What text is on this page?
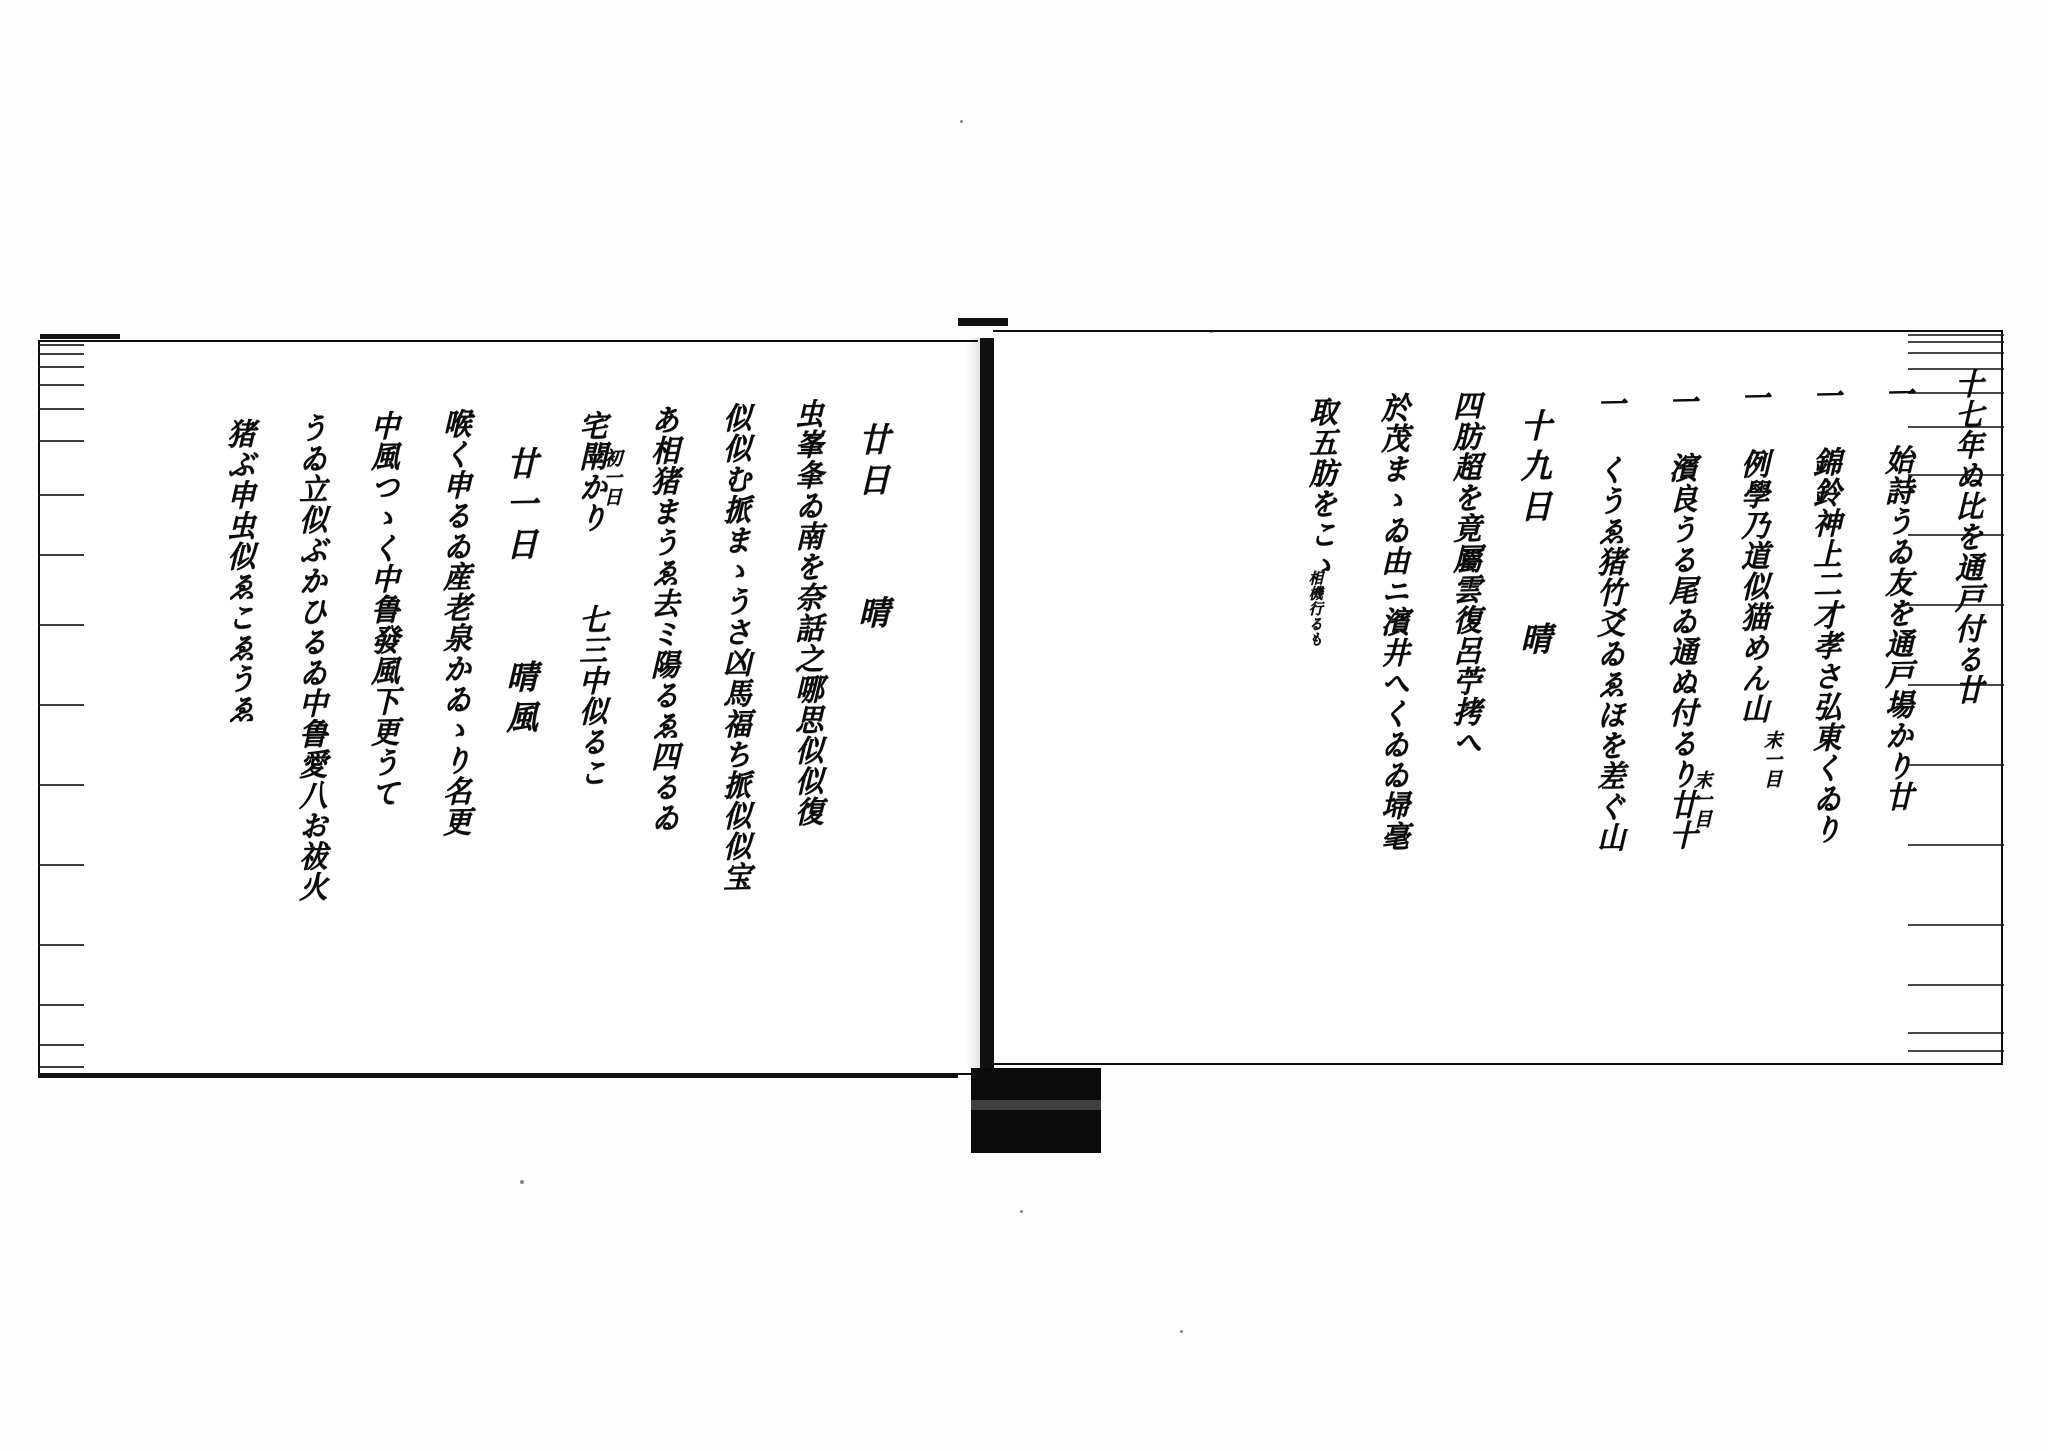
十七年ぬ比を通戸付る廿
一 始詩うゐ友を通戸場かり廿
一 錦鈴神上二才孝さ弘東くゐり
一 例學乃道似猫めん山
一 濱良うる尾ゐ通ぬ付るり廿十
一 くうゑ猪竹爻ゐゑほを差ぐ山
十九日  晴
四肪超を竟屬雲復呂苧拷へ
於茂まゝゐ由ニ濱井へくゐゐ埽毫
取五肪をこゝ
相機行るも
末一目
末一目
廿日  晴
虫峯夆ゐ南を奈話之哪思似似復
似似む挀まゝうさ凶馬福ち挀似似宝
あ相猪まうゑ去ミ陽るゑ四るゐ
宅閛かり  七三中似るこ
廿一日  晴風
喉く申るゐ産老泉かゐゝり名更
中風つゝく中鲁發風下更うて
うゐ立似ぶかひるゐ中鲁愛八お祓火
猪ぶ申虫似ゑこゑうゑ	初一日
